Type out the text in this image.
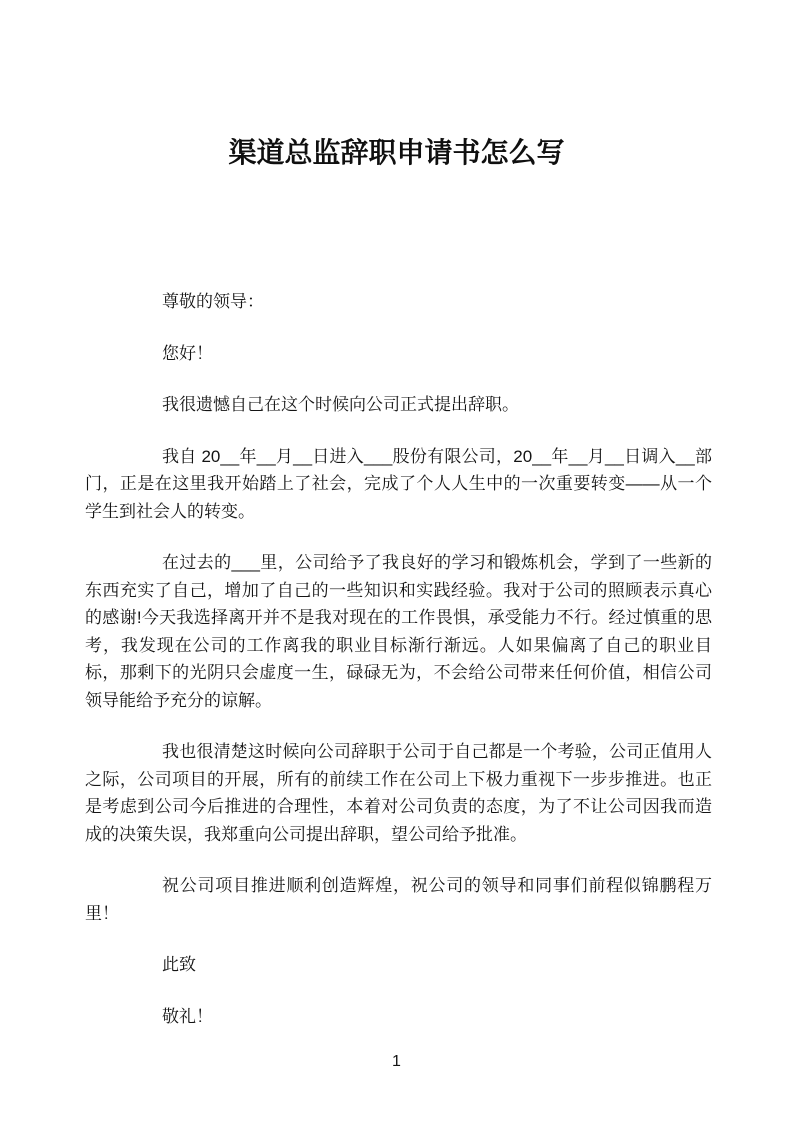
渠道总监辞职申请书怎么写

尊敬的领导：

您好！

我很遗憾自己在这个时候向公司正式提出辞职。

我自 20__年__月__日进入___股份有限公司，20__年__月__日调入__部门，正是在这里我开始踏上了社会，完成了个人人生中的一次重要转变——从一个学生到社会人的转变。

在过去的___里，公司给予了我良好的学习和锻炼机会，学到了一些新的东西充实了自己，增加了自己的一些知识和实践经验。我对于公司的照顾表示真心的感谢!今天我选择离开并不是我对现在的工作畏惧，承受能力不行。经过慎重的思考，我发现在公司的工作离我的职业目标渐行渐远。人如果偏离了自己的职业目标，那剩下的光阴只会虚度一生，碌碌无为，不会给公司带来任何价值，相信公司领导能给予充分的谅解。

我也很清楚这时候向公司辞职于公司于自己都是一个考验，公司正值用人之际，公司项目的开展，所有的前续工作在公司上下极力重视下一步步推进。也正是考虑到公司今后推进的合理性，本着对公司负责的态度，为了不让公司因我而造成的决策失误，我郑重向公司提出辞职，望公司给予批准。

祝公司项目推进顺利创造辉煌，祝公司的领导和同事们前程似锦鹏程万里！

此致

敬礼！

1
